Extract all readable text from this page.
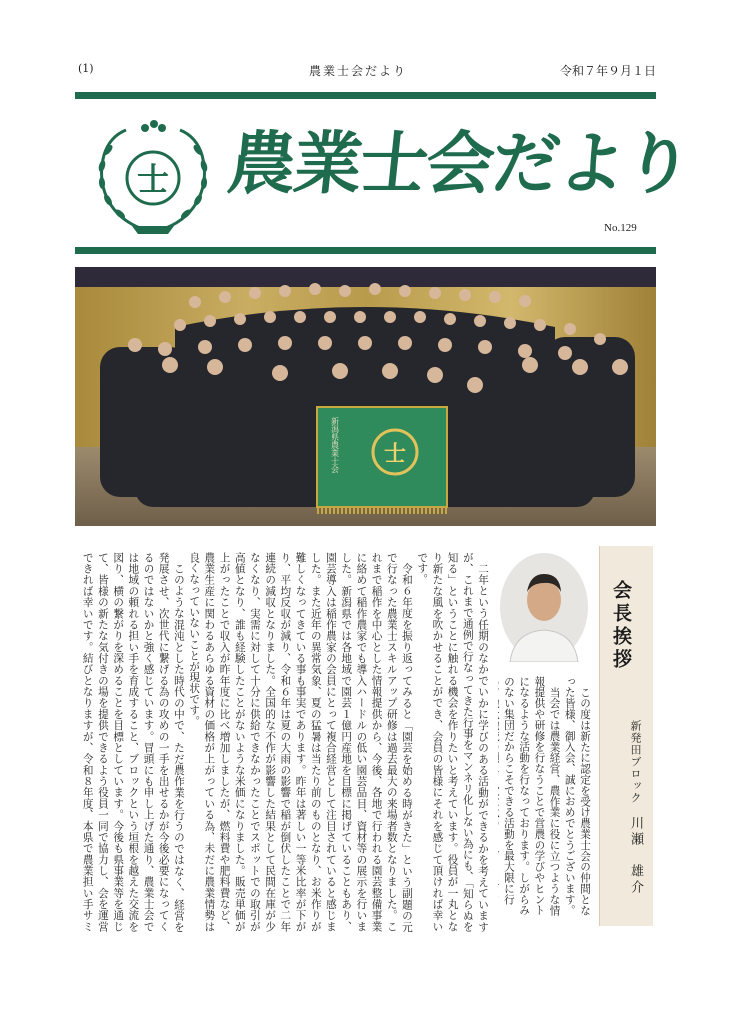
(1)	農業士会だより	令和７年９月１日
士 農業士会だより
No.129
士
新潟県農業士会

二年という任期のなかでいかに学びのある活動ができるかを考えていますが、これまで通例で行なってきた行事をマンネリ化しない為にも、「知らぬを知る」ということに触れる機会を作りたいと考えています。役員が一丸となり新たな風を吹かせることができ、会員の皆様にそれを感じて頂ければ幸いです。

令和６年度を振り返ってみると「園芸を始める時がきた」という副題の元で行なった農業士スキルアップ研修は過去最大の来場者数となりました。これまで稲作を中心とした情報提供から、今後、各地で行われる園芸整備事業に絡めて稲作農家でも導入ハードルの低い園芸品目、資材等の展示を行いました。新潟県では各地域で園芸１億円産地を目標に掲げていることもあり、園芸導入は稲作農家の会員にとって複合経営として注目されていると感じました。また近年の異常気象、夏の猛暑は当たり前のものとなり、お米作りが難しくなってきている事も事実であります。昨年は著しい一等米比率が下がり、平均反収が減り、令和６年は夏の大雨の影響で稲が倒伏したことで二年連続の減収となりました。全国的な不作が影響した結果として民間在庫が少なくなり、実需に対して十分に供給できなかったことでスポットでの取引が高値となり、誰も経験したことがないような米価になりました。販売単価が上がったことで収入が昨年度に比べ増加しましたが、燃料費や肥料費など、農業生産に関わるあらゆる資材の価格が上がっている為、未だに農業情勢は良くなっていないことが現状です。

このような混沌とした時代の中で、ただ農作業を行うのではなく、経営を発展させ、次世代に繋げる為の攻めの一手を出せるかが今後必要になってくるのではないかと強く感じています。冒頭にも申し上げた通り、農業士会では地域の頼れる担い手を育成すること、ブロックという垣根を越えた交流を図り、横の繋がりを深めることを目標としています。今後も県事業等を通じて、皆様の新たな気付きの場を提供できるよう役員一同で協力し、会を運営できれば幸いです。結びとなりますが、令和８年度、本県で農業担い手サミ

この度は新たに認定を受け農業士会の仲間となった皆様、御入会、誠におめでとうございます。

当会では農業経営、農作業に役に立つような情報提供や研修を行なうことで営農の学びやヒントになるような活動を行なっております。しがらみのない集団だからこそできる活動を最大限に行

会長挨拶
新発田ブロック川瀬　雄介
